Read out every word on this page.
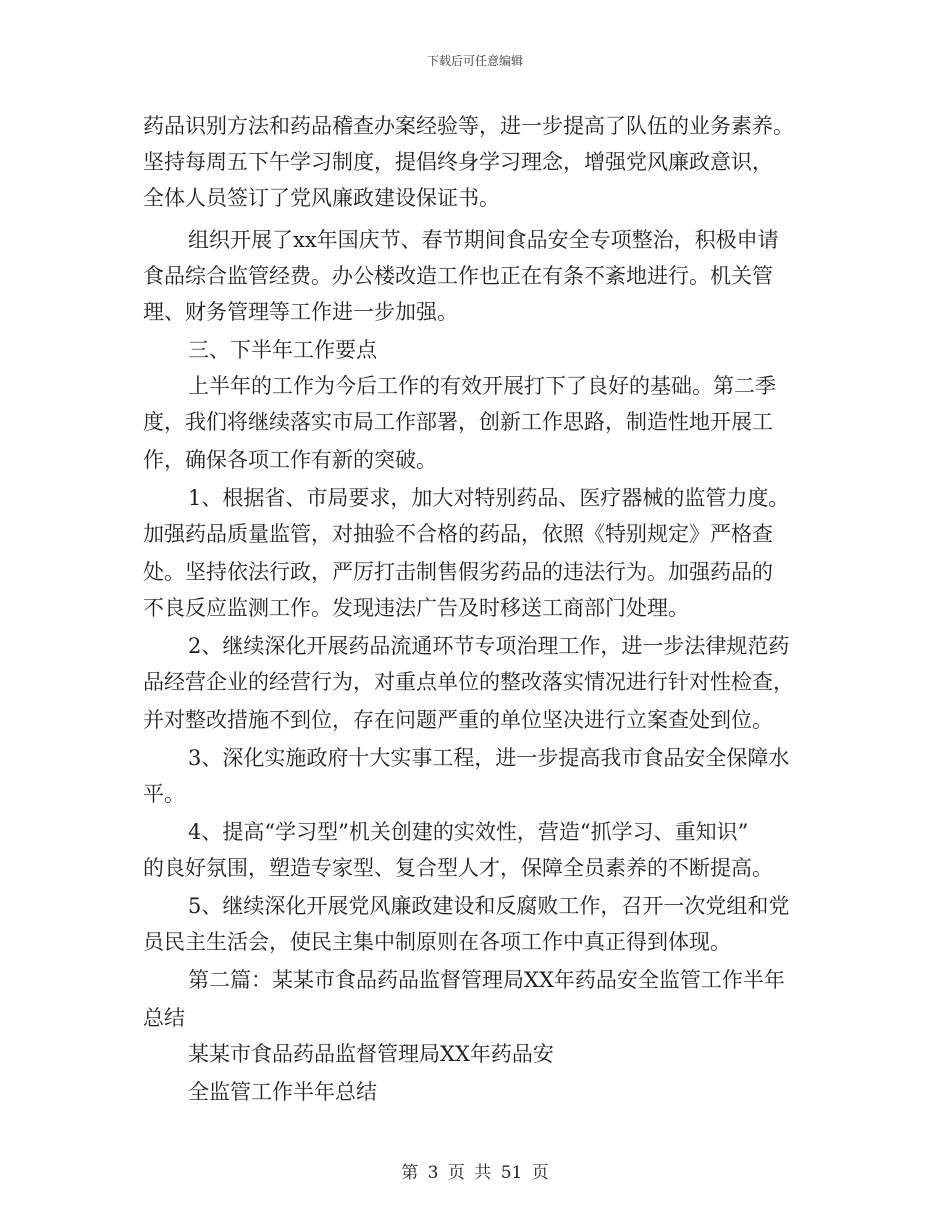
下载后可任意编辑
药品识别方法和药品稽查办案经验等，进一步提高了队伍的业务素养。
坚持每周五下午学习制度，提倡终身学习理念，增强党风廉政意识，
全体人员签订了党风廉政建设保证书。
组织开展了xx年国庆节、春节期间食品安全专项整治，积极申请
食品综合监管经费。办公楼改造工作也正在有条不紊地进行。机关管
理、财务管理等工作进一步加强。
三、下半年工作要点
上半年的工作为今后工作的有效开展打下了良好的基础。第二季
度，我们将继续落实市局工作部署，创新工作思路，制造性地开展工
作，确保各项工作有新的突破。
1、根据省、市局要求，加大对特别药品、医疗器械的监管力度。
加强药品质量监管，对抽验不合格的药品，依照《特别规定》严格查
处。坚持依法行政，严厉打击制售假劣药品的违法行为。加强药品的
不良反应监测工作。发现违法广告及时移送工商部门处理。
2、继续深化开展药品流通环节专项治理工作，进一步法律规范药
品经营企业的经营行为，对重点单位的整改落实情况进行针对性检查，
并对整改措施不到位，存在问题严重的单位坚决进行立案查处到位。
3、深化实施政府十大实事工程，进一步提高我市食品安全保障水
平。
4、提高“学习型”机关创建的实效性，营造“抓学习、重知识”
的良好氛围，塑造专家型、复合型人才，保障全员素养的不断提高。
5、继续深化开展党风廉政建设和反腐败工作，召开一次党组和党
员民主生活会，使民主集中制原则在各项工作中真正得到体现。
第二篇：某某市食品药品监督管理局XX年药品安全监管工作半年
总结
某某市食品药品监督管理局XX年药品安
全监管工作半年总结
第 3 页 共 51 页
